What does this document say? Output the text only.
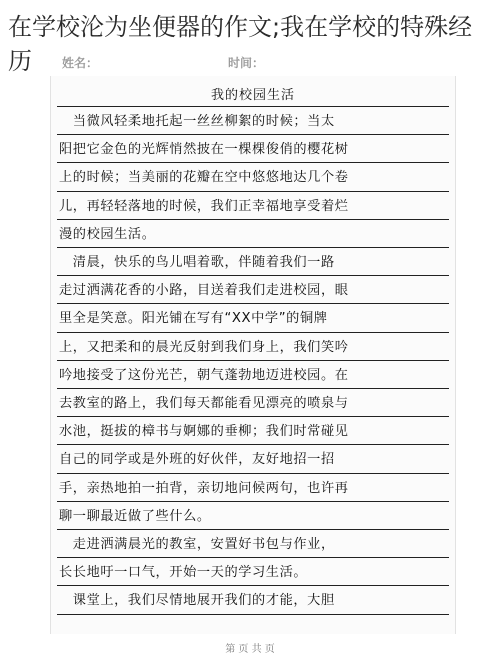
在学校沦为坐便器的作文;我在学校的特殊经历	姓名：	时间：
我的校园生活
　当微风轻柔地托起一丝丝柳絮的时候；当太
阳把它金色的光辉悄然披在一棵棵俊俏的樱花树
上的时候；当美丽的花瓣在空中悠悠地达几个卷
儿，再轻轻落地的时候，我们正幸福地享受着烂
漫的校园生活。
　清晨，快乐的鸟儿唱着歌，伴随着我们一路
走过洒满花香的小路，目送着我们走进校园，眼
里全是笑意。阳光铺在写有“XX中学”的铜牌
上，又把柔和的晨光反射到我们身上，我们笑吟
吟地接受了这份光芒，朝气蓬勃地迈进校园。在
去教室的路上，我们每天都能看见漂亮的喷泉与
水池，挺拔的樟书与婀娜的垂柳；我们时常碰见
自己的同学或是外班的好伙伴，友好地招一招
手，亲热地拍一拍背，亲切地问候两句，也许再
聊一聊最近做了些什么。
　走进洒满晨光的教室，安置好书包与作业，
长长地吁一口气，开始一天的学习生活。
　课堂上，我们尽情地展开我们的才能，大胆
第 页 共 页
